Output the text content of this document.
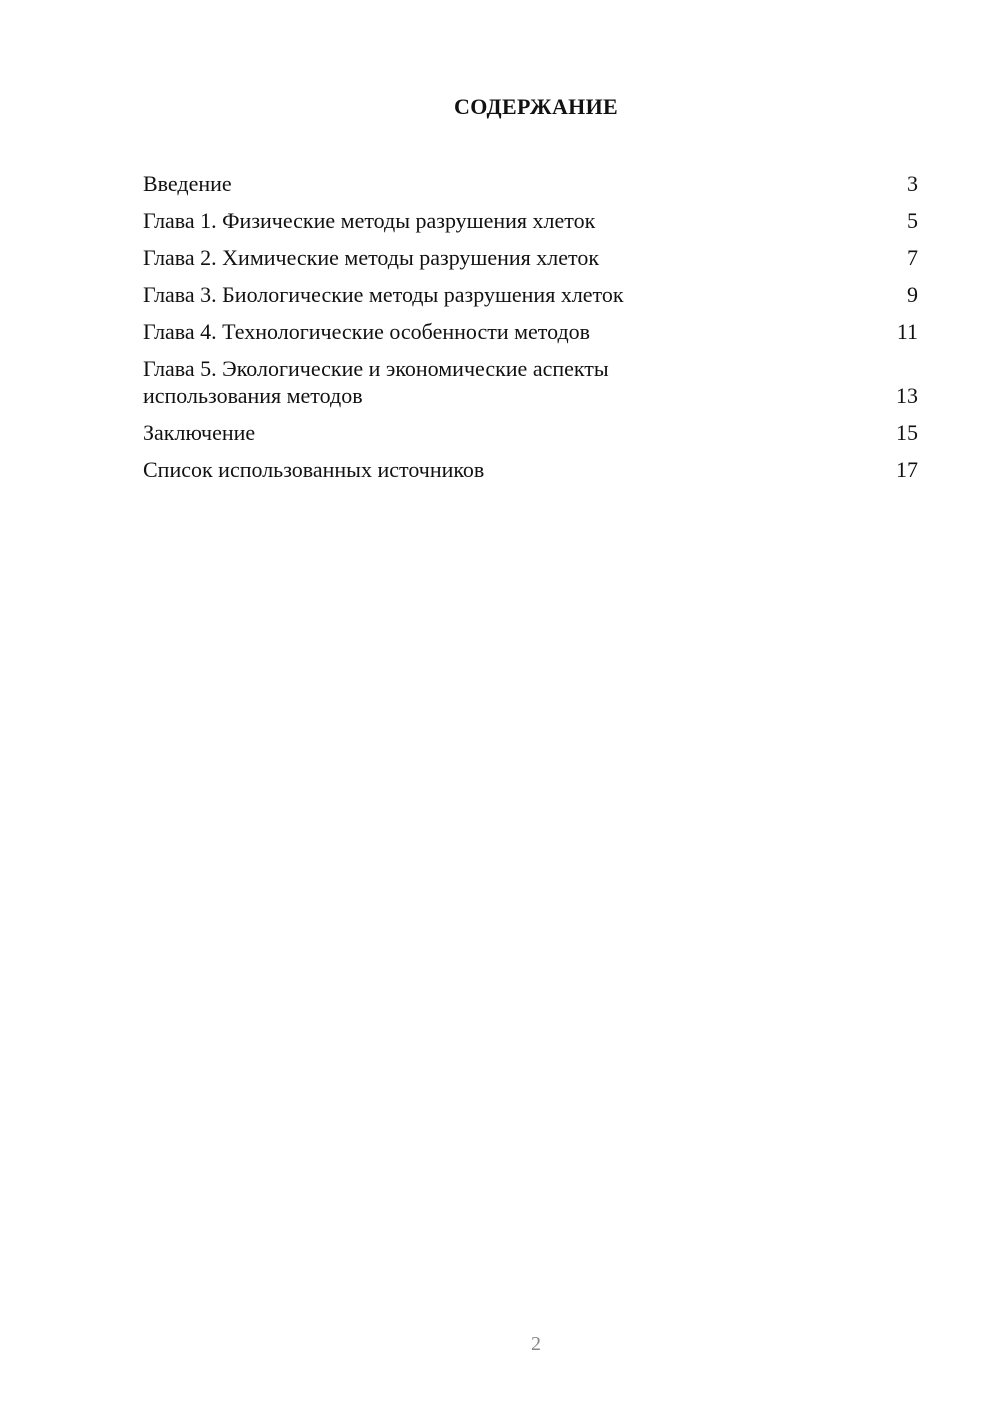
СОДЕРЖАНИЕ
Введение	3
Глава 1. Физические методы разрушения хлеток	5
Глава 2. Химические методы разрушения хлеток	7
Глава 3. Биологические методы разрушения хлеток	9
Глава 4. Технологические особенности методов	11
Глава 5. Экологические и экономические аспекты использования методов	13
Заключение	15
Список использованных источников	17
2
